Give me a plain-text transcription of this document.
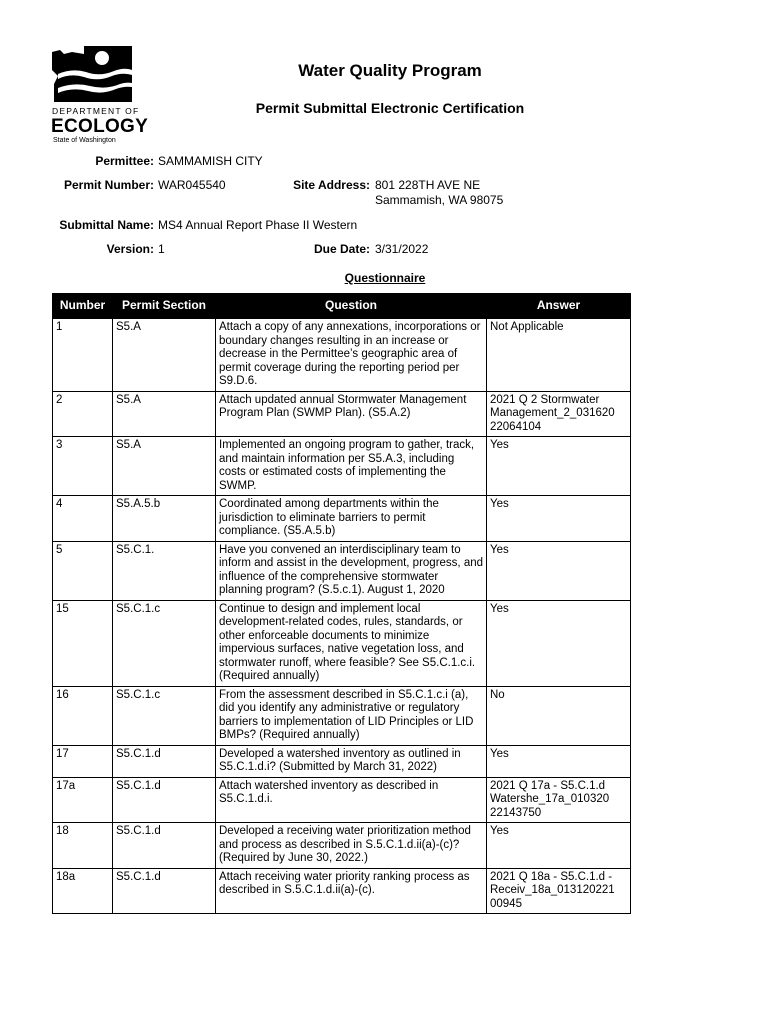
DEPARTMENT OF
ECOLOGY
State of Washington
Water Quality Program
Permit Submittal Electronic Certification
Permittee: SAMMAMISH CITY
Permit Number: WAR045540	Site Address: 801 228TH AVE NE
Sammamish, WA 98075
Submittal Name: MS4 Annual Report Phase II Western
Version: 1	Due Date: 3/31/2022
Questionnaire
Number	Permit Section	Question	Answer
1	S5.A	Attach a copy of any annexations, incorporations or boundary changes resulting in an increase or decrease in the Permittee’s geographic area of permit coverage during the reporting period per S9.D.6.	Not Applicable
2	S5.A	Attach updated annual Stormwater Management Program Plan (SWMP Plan). (S5.A.2)	2021 Q 2 Stormwater Management_2_031620 22064104
3	S5.A	Implemented an ongoing program to gather, track, and maintain information per S5.A.3, including costs or estimated costs of implementing the SWMP.	Yes
4	S5.A.5.b	Coordinated among departments within the jurisdiction to eliminate barriers to permit compliance. (S5.A.5.b)	Yes
5	S5.C.1.	Have you convened an interdisciplinary team to inform and assist in the development, progress, and influence of the comprehensive stormwater planning program? (S.5.c.1). August 1, 2020	Yes
15	S5.C.1.c	Continue to design and implement local development-related codes, rules, standards, or other enforceable documents to minimize impervious surfaces, native vegetation loss, and stormwater runoff, where feasible? See S5.C.1.c.i. (Required annually)	Yes
16	S5.C.1.c	From the assessment described in S5.C.1.c.i (a), did you identify any administrative or regulatory barriers to implementation of LID Principles or LID BMPs? (Required annually)	No
17	S5.C.1.d	Developed a watershed inventory as outlined in S5.C.1.d.i? (Submitted by March 31, 2022)	Yes
17a	S5.C.1.d	Attach watershed inventory as described in S5.C.1.d.i.	2021 Q 17a - S5.C.1.d Watershe_17a_010320 22143750
18	S5.C.1.d	Developed a receiving water prioritization method and process as described in S.5.C.1.d.ii(a)-(c)? (Required by June 30, 2022.)	Yes
18a	S5.C.1.d	Attach receiving water priority ranking process as described in S.5.C.1.d.ii(a)-(c).	2021 Q 18a - S5.C.1.d - Receiv_18a_013120221 00945
